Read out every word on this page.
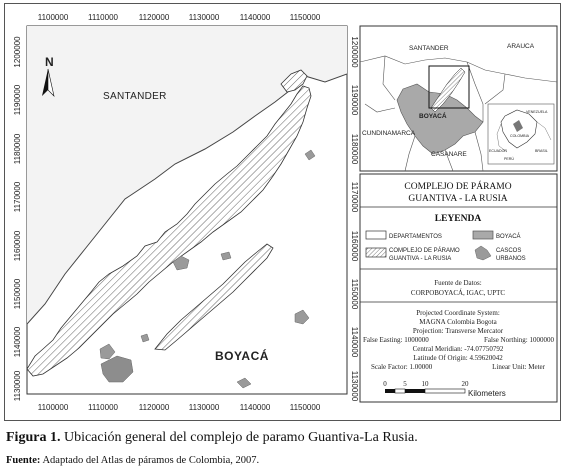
N
SANTANDER
BOYACÁ
1100000 1110000	1120000 1130000	1140000 1150000
1100000 1110000	1120000 1130000	1140000 1150000
1200000
1190000
1180000
1170000
1160000
1150000
1140000
1130000
1200000
1190000
1180000
1170000
1160000
1150000
1140000
1130000
SANTANDER	ARAUCA
BOYACÁ
CUNDINAMARCA
CASANARE
VENEZUELA
COLOMBIA
ECUADOR
PERÚ
BRASIL
COMPLEJO DE PÁRAMO
GUANTIVA - LA RUSIA
LEYENDA
DEPARTAMENTOS	BOYACÁ
COMPLEJO DE PÁRAMO
GUANTIVA - LA RUSIA
CASCOS
URBANOS
Fuente de Datos:
CORPOBOYACÁ, IGAC, UPTC
Projected Coordinate System:
MAGNA Colombia Bogota
Projection: Transverse Mercator
False Easting: 1000000	False Northing: 1000000
Central Meridian: -74.07750792
Latitude Of Origin: 4.59620042
Scale Factor: 1.00000	Linear Unit: Meter
0 5 10	20
Kilometers
Figura 1. Ubicación general del complejo de paramo Guantiva-La Rusia.
Fuente: Adaptado del Atlas de páramos de Colombia, 2007.
